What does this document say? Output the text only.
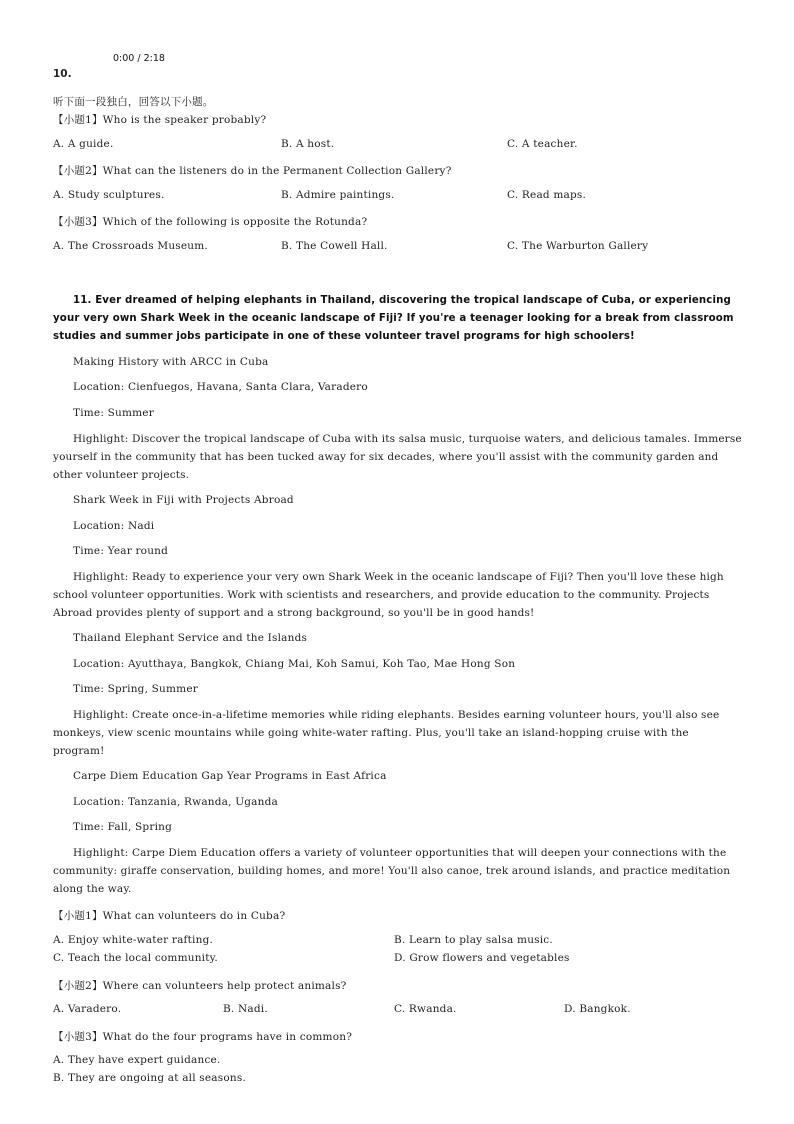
0:00 / 2:18
10.
听下面一段独白，回答以下小题。
【小题1】Who is the speaker probably?
A. A guide.	B. A host.	C. A teacher.
【小题2】What can the listeners do in the Permanent Collection Gallery?
A. Study sculptures.	B. Admire paintings.	C. Read maps.
【小题3】Which of the following is opposite the Rotunda?
A. The Crossroads Museum.	B. The Cowell Hall.	C. The Warburton Gallery
11. Ever dreamed of helping elephants in Thailand, discovering the tropical landscape of Cuba, or experiencing your very own Shark Week in the oceanic landscape of Fiji? If you're a teenager looking for a break from classroom studies and summer jobs participate in one of these volunteer travel programs for high schoolers!
Making History with ARCC in Cuba
Location: Cienfuegos, Havana, Santa Clara, Varadero
Time: Summer
Highlight: Discover the tropical landscape of Cuba with its salsa music, turquoise waters, and delicious tamales. Immerse yourself in the community that has been tucked away for six decades, where you'll assist with the community garden and other volunteer projects.
Shark Week in Fiji with Projects Abroad
Location: Nadi
Time: Year round
Highlight: Ready to experience your very own Shark Week in the oceanic landscape of Fiji? Then you'll love these high school volunteer opportunities. Work with scientists and researchers, and provide education to the community. Projects Abroad provides plenty of support and a strong background, so you'll be in good hands!
Thailand Elephant Service and the Islands
Location: Ayutthaya, Bangkok, Chiang Mai, Koh Samui, Koh Tao, Mae Hong Son
Time: Spring, Summer
Highlight: Create once-in-a-lifetime memories while riding elephants. Besides earning volunteer hours, you'll also see monkeys, view scenic mountains while going white-water rafting. Plus, you'll take an island-hopping cruise with the program!
Carpe Diem Education Gap Year Programs in East Africa
Location: Tanzania, Rwanda, Uganda
Time: Fall, Spring
Highlight: Carpe Diem Education offers a variety of volunteer opportunities that will deepen your connections with the community: giraffe conservation, building homes, and more! You'll also canoe, trek around islands, and practice meditation along the way.
【小题1】What can volunteers do in Cuba?
A. Enjoy white-water rafting.	B. Learn to play salsa music.
C. Teach the local community.	D. Grow flowers and vegetables
【小题2】Where can volunteers help protect animals?
A. Varadero.	B. Nadi.	C. Rwanda.	D. Bangkok.
【小题3】What do the four programs have in common?
A. They have expert guidance.
B. They are ongoing at all seasons.
